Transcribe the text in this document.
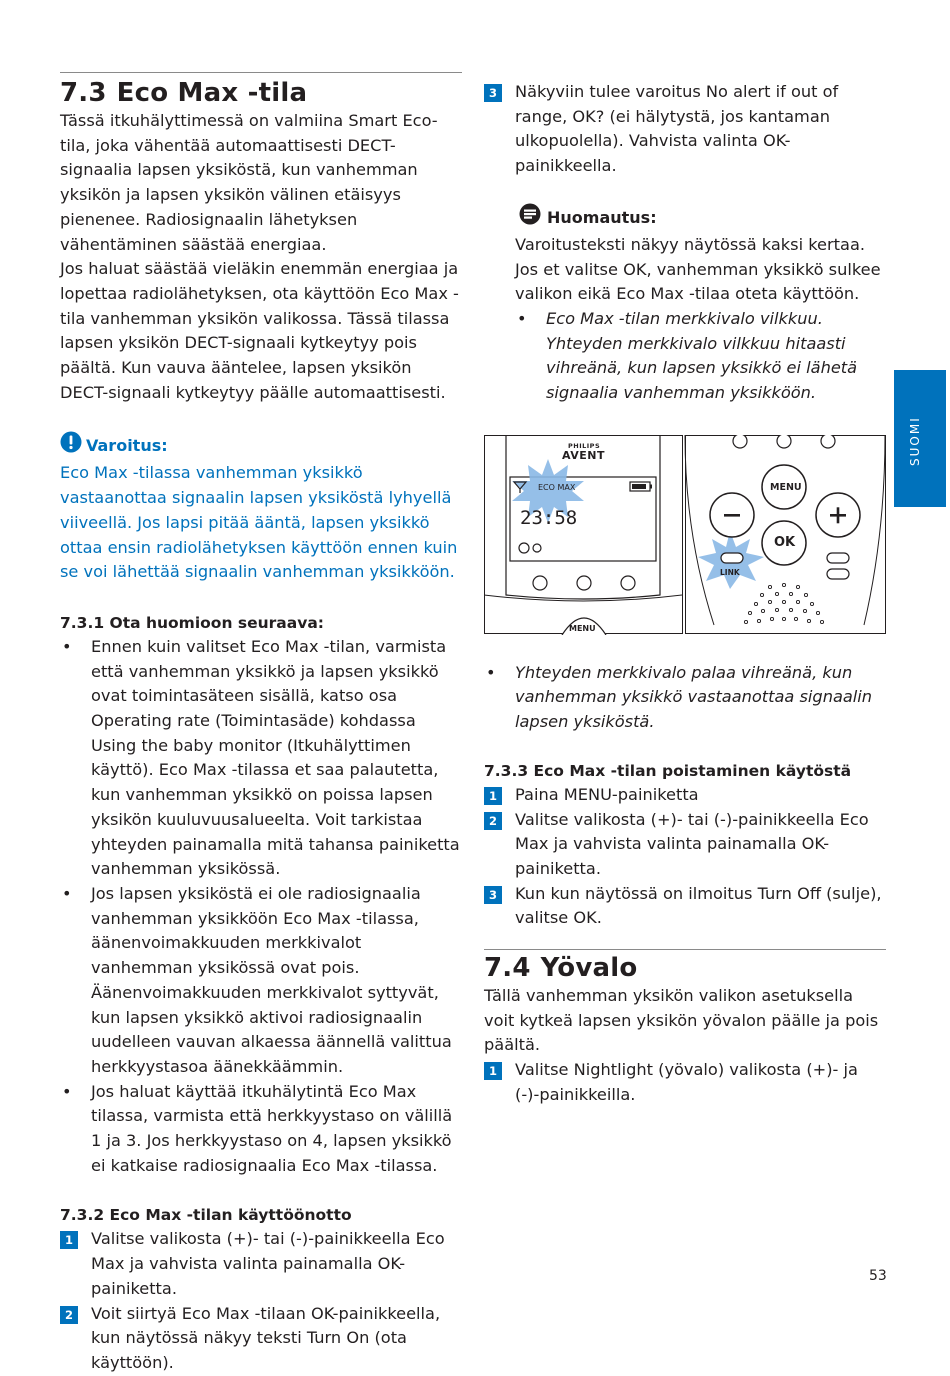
7.3 Eco Max -tila

Tässä itkuhälyttimessä on valmiina Smart Eco-tila, joka vähentää automaattisesti DECT-signaalia lapsen yksiköstä, kun vanhemman yksikön ja lapsen yksikön välinen etäisyys pienenee. Radiosignaalin lähetyksen vähentäminen säästää energiaa.

Jos haluat säästää vieläkin enemmän energiaa ja lopettaa radiolähetyksen, ota käyttöön Eco Max -tila vanhemman yksikön valikossa. Tässä tilassa lapsen yksikön DECT-signaali kytkeytyy pois päältä. Kun vauva ääntelee, lapsen yksikön DECT-signaali kytkeytyy päälle automaattisesti.

Varoitus:

Eco Max -tilassa vanhemman yksikkö vastaanottaa signaalin lapsen yksiköstä lyhyellä viiveellä. Jos lapsi pitää ääntä, lapsen yksikkö ottaa ensin radiolähetyksen käyttöön ennen kuin se voi lähettää signaalin vanhemman yksikköön.

7.3.1 Ota huomioon seuraava:
• Ennen kuin valitset Eco Max -tilan, varmista että vanhemman yksikkö ja lapsen yksikkö ovat toimintasäteen sisällä, katso osa Operating rate (Toimintasäde) kohdassa Using the baby monitor (Itkuhälyttimen käyttö). Eco Max -tilassa et saa palautetta, kun vanhemman yksikkö on poissa lapsen yksikön kuuluvuusalueelta. Voit tarkistaa yhteyden painamalla mitä tahansa painiketta vanhemman yksikössä.
• Jos lapsen yksiköstä ei ole radiosignaalia vanhemman yksikköön Eco Max -tilassa, äänenvoimakkuuden merkkivalot vanhemman yksikössä ovat pois. Äänenvoimakkuuden merkkivalot syttyvät, kun lapsen yksikkö aktivoi radiosignaalin uudelleen vauvan alkaessa äännellä valittua herkkyystasoa äänekkäämmin.
• Jos haluat käyttää itkuhälytintä Eco Max tilassa, varmista että herkkyystaso on välillä 1 ja 3. Jos herkkyystaso on 4, lapsen yksikkö ei katkaise radiosignaalia Eco Max -tilassa.
7.3.2 Eco Max -tilan käyttöönotto
1	Valitse valikosta (+)- tai (-)-painikkeella Eco Max ja vahvista valinta painamalla OK-painiketta.
2	Voit siirtyä Eco Max -tilaan OK-painikkeella, kun näytössä näkyy teksti Turn On (ota käyttöön).
3	Näkyviin tulee varoitus No alert if out of range, OK? (ei hälytystä, jos kantaman ulkopuolella). Vahvista valinta OK-painikkeella.
Huomautus:

Varoitusteksti näkyy näytössä kaksi kertaa. Jos et valitse OK, vanhemman yksikkö sulkee valikon eikä Eco Max -tilaa oteta käyttöön.

• Eco Max -tilan merkkivalo vilkkuu. Yhteyden merkkivalo vilkkuu hitaasti vihreänä, kun lapsen yksikkö ei lähetä signaalia vanhemman yksikköön.
PHILIPS
AVENT
ECO MAX
23:58
MENU
MENU
OK
LINK
• Yhteyden merkkivalo palaa vihreänä, kun vanhemman yksikkö vastaanottaa signaalin lapsen yksiköstä.
7.3.3 Eco Max -tilan poistaminen käytöstä
1	Paina MENU-painiketta
2	Valitse valikosta (+)- tai (-)-painikkeella Eco Max ja vahvista valinta painamalla OK-painiketta.
3	Kun kun näytössä on ilmoitus Turn Off (sulje), valitse OK.
7.4 Yövalo

Tällä vanhemman yksikön valikon asetuksella voit kytkeä lapsen yksikön yövalon päälle ja pois päältä.

1	Valitse Nightlight (yövalo) valikosta (+)- ja (-)-painikkeilla.
SUOMI
53
